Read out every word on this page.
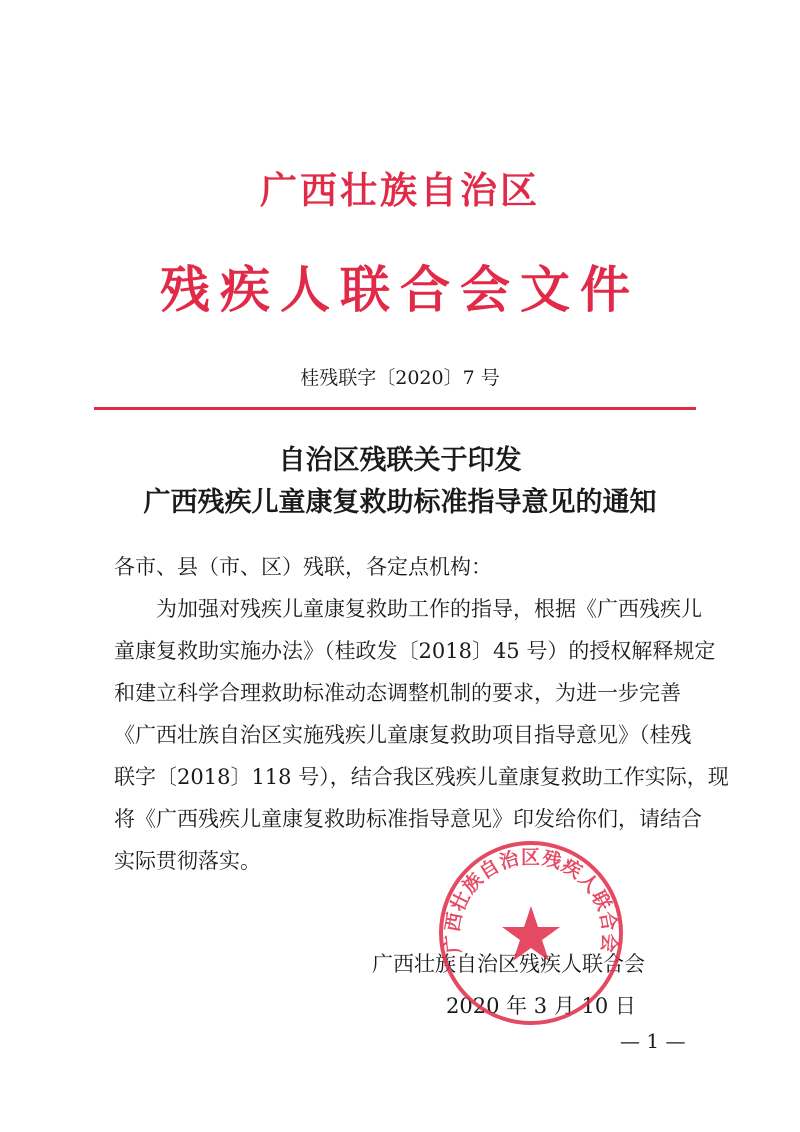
广西壮族自治区
残疾人联合会文件
桂残联字〔2020〕7 号
自治区残联关于印发
广西残疾儿童康复救助标准指导意见的通知
各市、县（市、区）残联，各定点机构：
　　为加强对残疾儿童康复救助工作的指导，根据《广西残疾儿
童康复救助实施办法》（桂政发〔2018〕45 号）的授权解释规定
和建立科学合理救助标准动态调整机制的要求，为进一步完善
《广西壮族自治区实施残疾儿童康复救助项目指导意见》（桂残
联字〔2018〕118 号），结合我区残疾儿童康复救助工作实际，现
将《广西残疾儿童康复救助标准指导意见》印发给你们，请结合
实际贯彻落实。
广西壮族自治区残疾人联合会
2020 年 3 月 10 日
广西壮族自治区残疾人联合会
— 1 —
